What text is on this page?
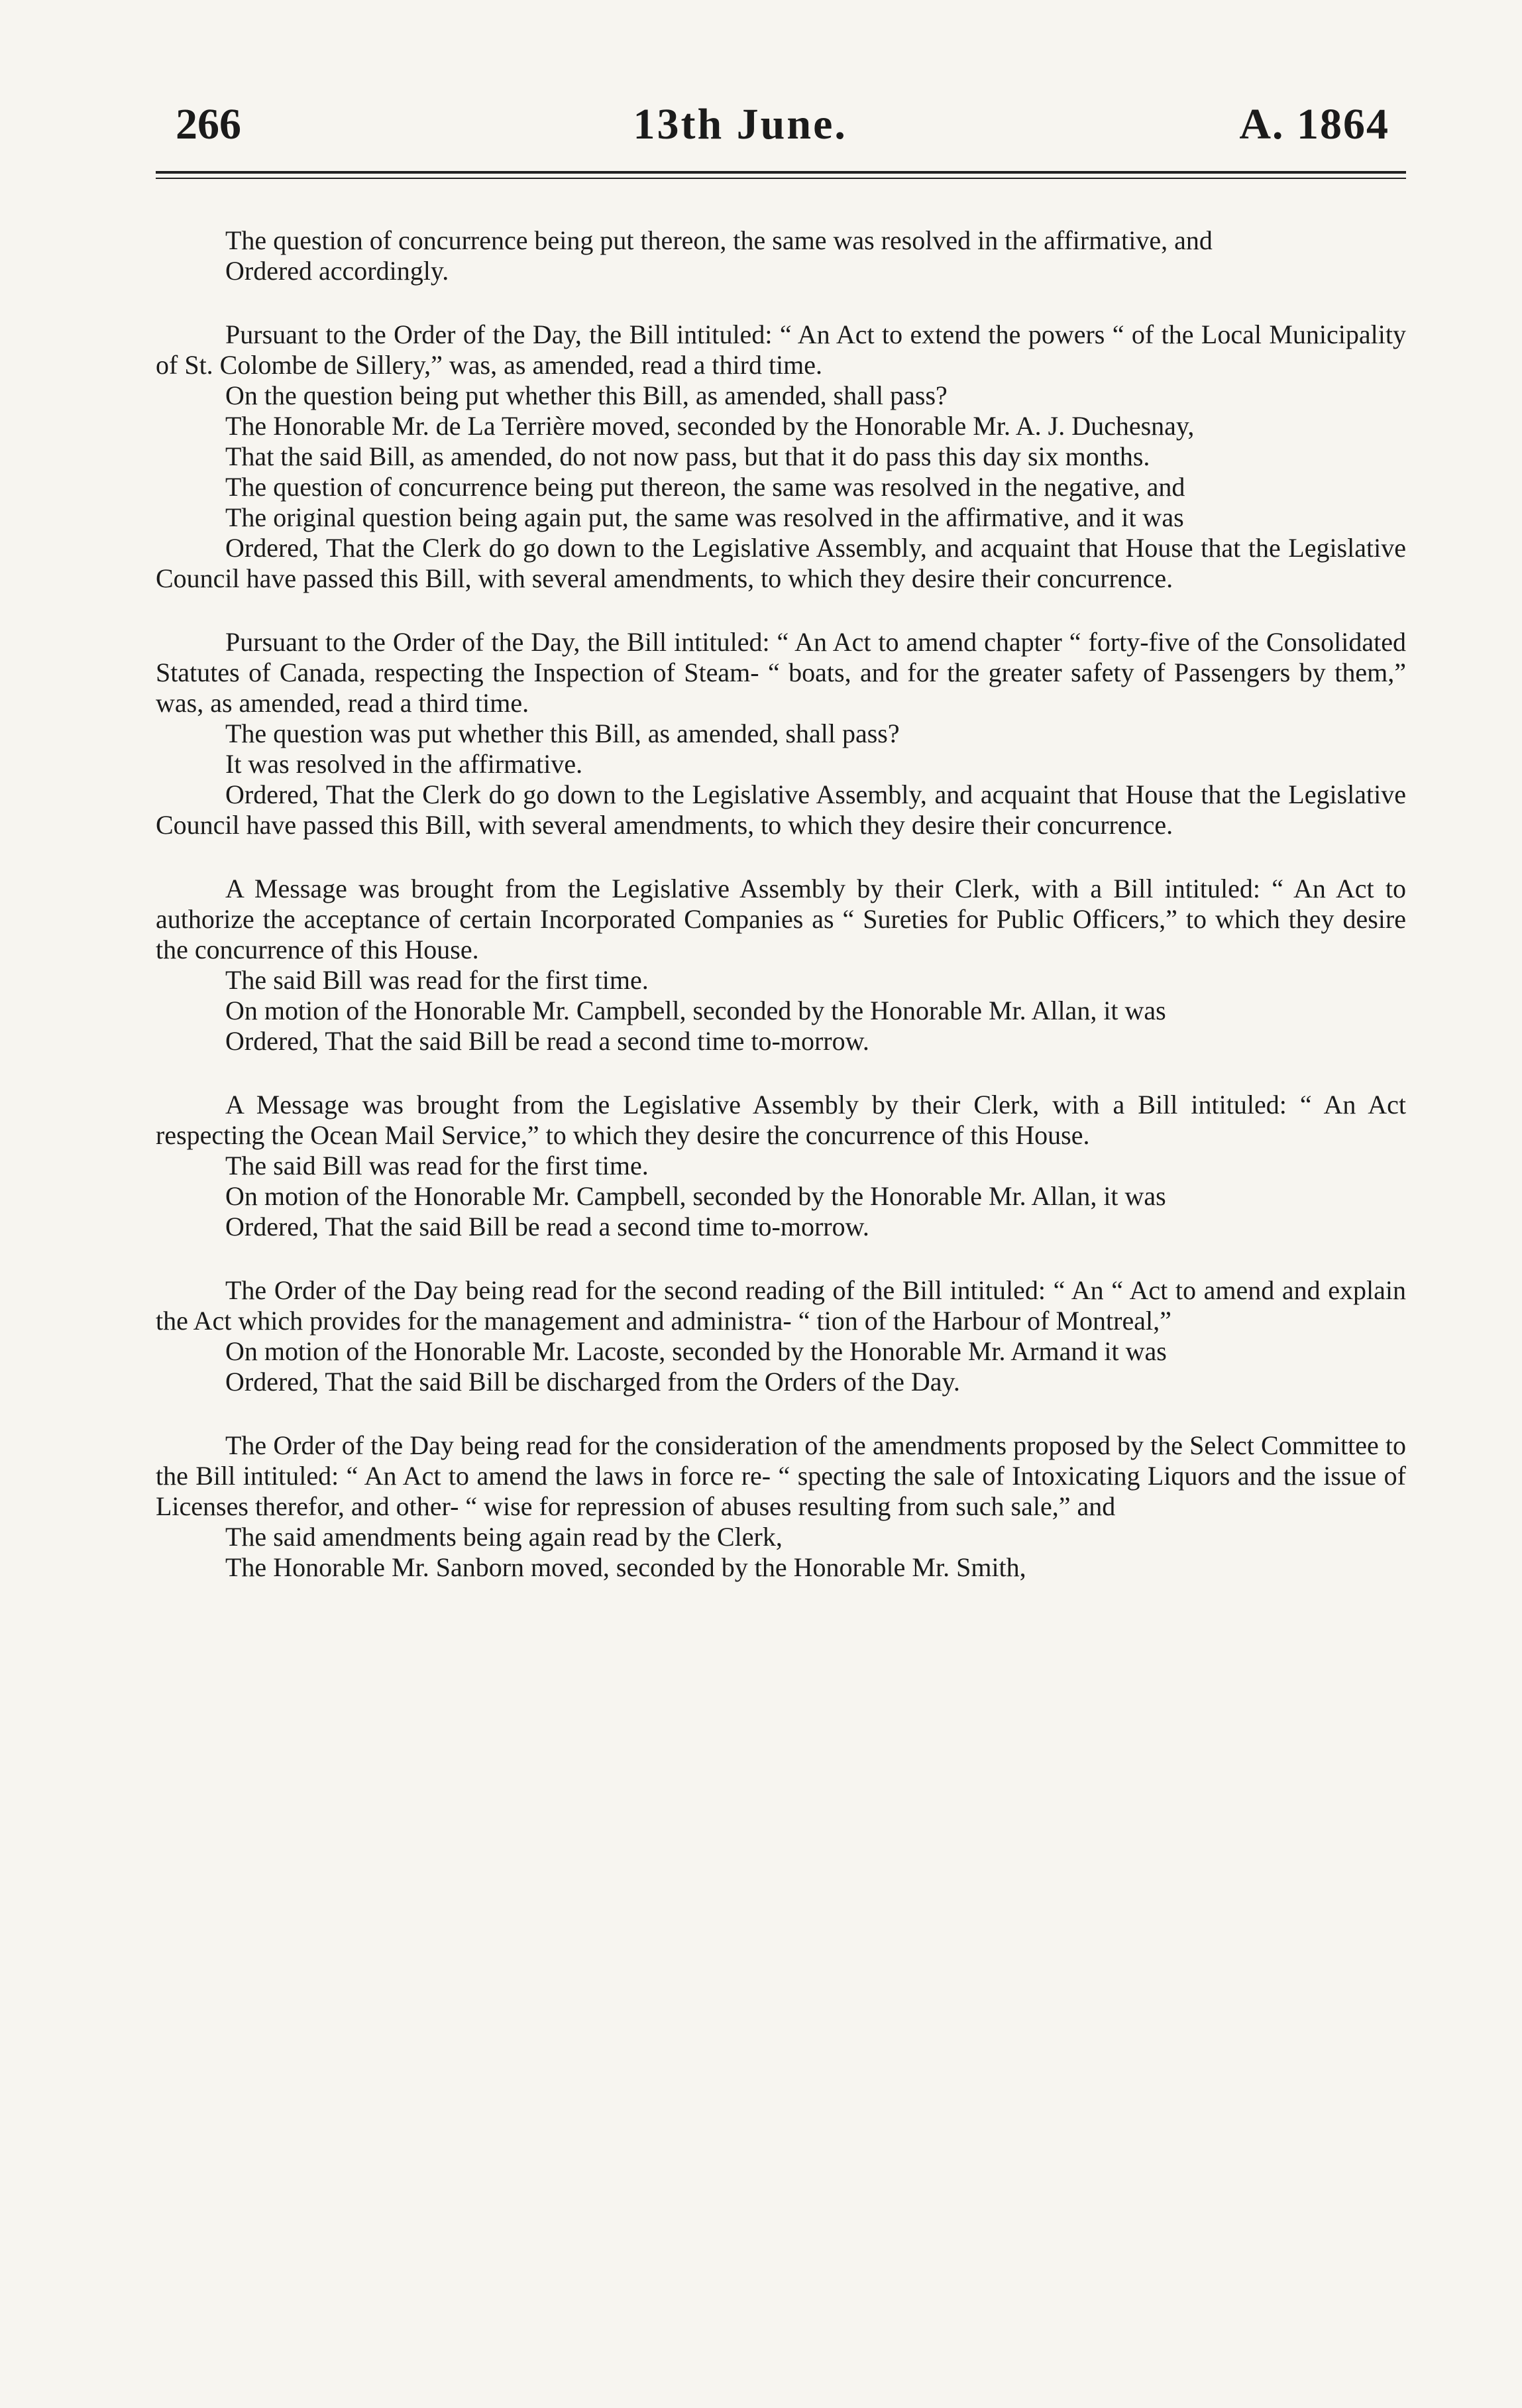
266	13th June.	A. 1864

The question of concurrence being put thereon, the same was resolved in the affirmative, and

Ordered accordingly.

Pursuant to the Order of the Day, the Bill intituled: “ An Act to extend the powers “ of the Local Municipality of St. Colombe de Sillery,” was, as amended, read a third time.

On the question being put whether this Bill, as amended, shall pass?

The Honorable Mr. de La Terrière moved, seconded by the Honorable Mr. A. J. Duchesnay,

That the said Bill, as amended, do not now pass, but that it do pass this day six months.

The question of concurrence being put thereon, the same was resolved in the negative, and

The original question being again put, the same was resolved in the affirmative, and it was

Ordered, That the Clerk do go down to the Legislative Assembly, and acquaint that House that the Legislative Council have passed this Bill, with several amendments, to which they desire their concurrence.

Pursuant to the Order of the Day, the Bill intituled: “ An Act to amend chapter “ forty-five of the Consolidated Statutes of Canada, respecting the Inspection of Steam- “ boats, and for the greater safety of Passengers by them,” was, as amended, read a third time.

The question was put whether this Bill, as amended, shall pass?

It was resolved in the affirmative.

Ordered, That the Clerk do go down to the Legislative Assembly, and acquaint that House that the Legislative Council have passed this Bill, with several amendments, to which they desire their concurrence.

A Message was brought from the Legislative Assembly by their Clerk, with a Bill intituled: “ An Act to authorize the acceptance of certain Incorporated Companies as “ Sureties for Public Officers,” to which they desire the concurrence of this House.

The said Bill was read for the first time.

On motion of the Honorable Mr. Campbell, seconded by the Honorable Mr. Allan, it was

Ordered, That the said Bill be read a second time to-morrow.

A Message was brought from the Legislative Assembly by their Clerk, with a Bill intituled: “ An Act respecting the Ocean Mail Service,” to which they desire the concurrence of this House.

The said Bill was read for the first time.

On motion of the Honorable Mr. Campbell, seconded by the Honorable Mr. Allan, it was

Ordered, That the said Bill be read a second time to-morrow.

The Order of the Day being read for the second reading of the Bill intituled: “ An “ Act to amend and explain the Act which provides for the management and administra- “ tion of the Harbour of Montreal,”

On motion of the Honorable Mr. Lacoste, seconded by the Honorable Mr. Armand it was

Ordered, That the said Bill be discharged from the Orders of the Day.

The Order of the Day being read for the consideration of the amendments proposed by the Select Committee to the Bill intituled: “ An Act to amend the laws in force re- “ specting the sale of Intoxicating Liquors and the issue of Licenses therefor, and other- “ wise for repression of abuses resulting from such sale,” and

The said amendments being again read by the Clerk,

The Honorable Mr. Sanborn moved, seconded by the Honorable Mr. Smith,
